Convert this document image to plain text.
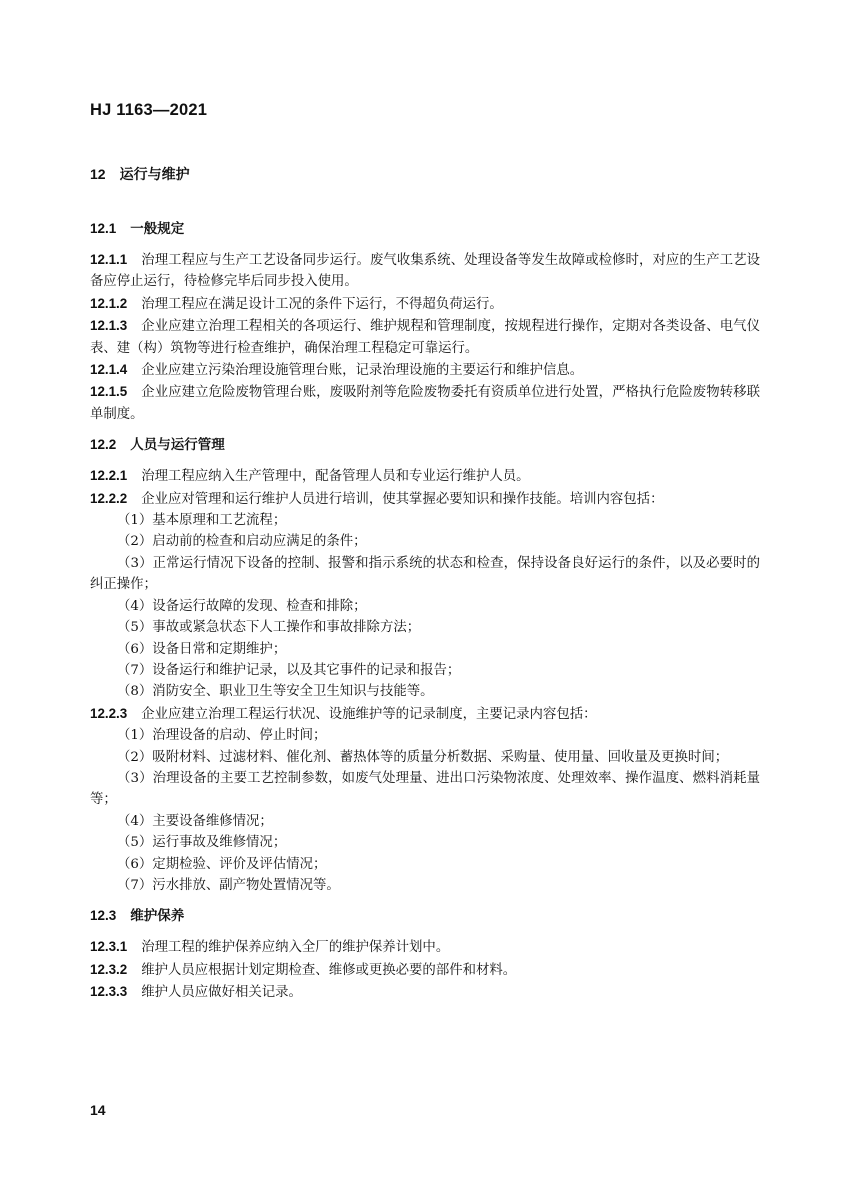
HJ 1163—2021
12 运行与维护
12.1 一般规定

12.1.1 治理工程应与生产工艺设备同步运行。废气收集系统、处理设备等发生故障或检修时，对应的生产工艺设备应停止运行，待检修完毕后同步投入使用。

12.1.2 治理工程应在满足设计工况的条件下运行，不得超负荷运行。

12.1.3 企业应建立治理工程相关的各项运行、维护规程和管理制度，按规程进行操作，定期对各类设备、电气仪表、建（构）筑物等进行检查维护，确保治理工程稳定可靠运行。

12.1.4 企业应建立污染治理设施管理台账，记录治理设施的主要运行和维护信息。

12.1.5 企业应建立危险废物管理台账，废吸附剂等危险废物委托有资质单位进行处置，严格执行危险废物转移联单制度。

12.2 人员与运行管理

12.2.1 治理工程应纳入生产管理中，配备管理人员和专业运行维护人员。

12.2.2 企业应对管理和运行维护人员进行培训，使其掌握必要知识和操作技能。培训内容包括：

（1）基本原理和工艺流程；

（2）启动前的检查和启动应满足的条件；

（3）正常运行情况下设备的控制、报警和指示系统的状态和检查，保持设备良好运行的条件，以及必要时的纠正操作；

（4）设备运行故障的发现、检查和排除；

（5）事故或紧急状态下人工操作和事故排除方法；

（6）设备日常和定期维护；

（7）设备运行和维护记录，以及其它事件的记录和报告；

（8）消防安全、职业卫生等安全卫生知识与技能等。

12.2.3 企业应建立治理工程运行状况、设施维护等的记录制度，主要记录内容包括：

（1）治理设备的启动、停止时间；

（2）吸附材料、过滤材料、催化剂、蓄热体等的质量分析数据、采购量、使用量、回收量及更换时间；

（3）治理设备的主要工艺控制参数，如废气处理量、进出口污染物浓度、处理效率、操作温度、燃料消耗量等；

（4）主要设备维修情况；

（5）运行事故及维修情况；

（6）定期检验、评价及评估情况；

（7）污水排放、副产物处置情况等。

12.3 维护保养

12.3.1 治理工程的维护保养应纳入全厂的维护保养计划中。

12.3.2 维护人员应根据计划定期检查、维修或更换必要的部件和材料。

12.3.3 维护人员应做好相关记录。

14
